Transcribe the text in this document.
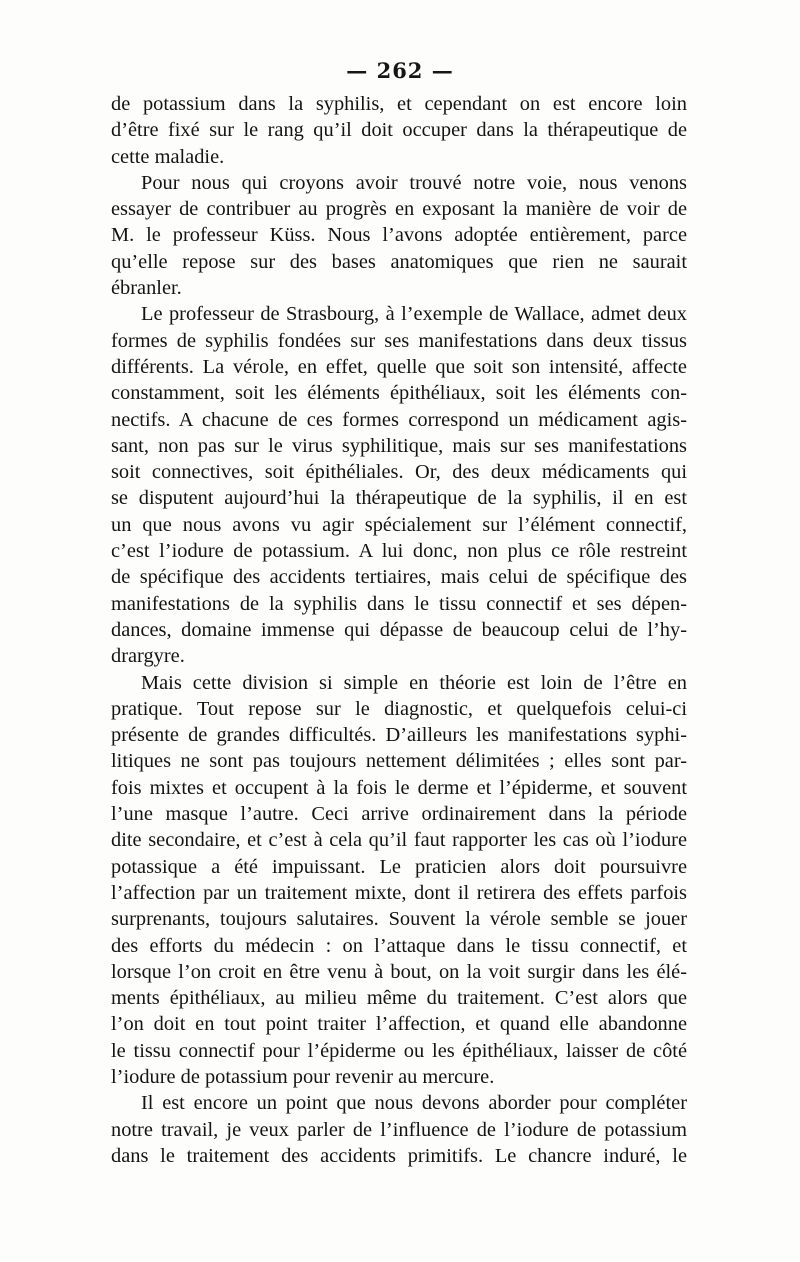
— 262 —
de potassium dans la syphilis, et cependant on est encore loin
d’être fixé sur le rang qu’il doit occuper dans la thérapeutique de
cette maladie.
Pour nous qui croyons avoir trouvé notre voie, nous venons
essayer de contribuer au progrès en exposant la manière de voir de
M. le professeur Küss. Nous l’avons adoptée entièrement, parce
qu’elle repose sur des bases anatomiques que rien ne saurait
ébranler.
Le professeur de Strasbourg, à l’exemple de Wallace, admet deux
formes de syphilis fondées sur ses manifestations dans deux tissus
différents. La vérole, en effet, quelle que soit son intensité, affecte
constamment, soit les éléments épithéliaux, soit les éléments con-
nectifs. A chacune de ces formes correspond un médicament agis-
sant, non pas sur le virus syphilitique, mais sur ses manifestations
soit connectives, soit épithéliales. Or, des deux médicaments qui
se disputent aujourd’hui la thérapeutique de la syphilis, il en est
un que nous avons vu agir spécialement sur l’élément connectif,
c’est l’iodure de potassium. A lui donc, non plus ce rôle restreint
de spécifique des accidents tertiaires, mais celui de spécifique des
manifestations de la syphilis dans le tissu connectif et ses dépen-
dances, domaine immense qui dépasse de beaucoup celui de l’hy-
drargyre.
Mais cette division si simple en théorie est loin de l’être en
pratique. Tout repose sur le diagnostic, et quelquefois celui-ci
présente de grandes difficultés. D’ailleurs les manifestations syphi-
litiques ne sont pas toujours nettement délimitées ; elles sont par-
fois mixtes et occupent à la fois le derme et l’épiderme, et souvent
l’une masque l’autre. Ceci arrive ordinairement dans la période
dite secondaire, et c’est à cela qu’il faut rapporter les cas où l’iodure
potassique a été impuissant. Le praticien alors doit poursuivre
l’affection par un traitement mixte, dont il retirera des effets parfois
surprenants, toujours salutaires. Souvent la vérole semble se jouer
des efforts du médecin : on l’attaque dans le tissu connectif, et
lorsque l’on croit en être venu à bout, on la voit surgir dans les élé-
ments épithéliaux, au milieu même du traitement. C’est alors que
l’on doit en tout point traiter l’affection, et quand elle abandonne
le tissu connectif pour l’épiderme ou les épithéliaux, laisser de côté
l’iodure de potassium pour revenir au mercure.
Il est encore un point que nous devons aborder pour compléter
notre travail, je veux parler de l’influence de l’iodure de potassium
dans le traitement des accidents primitifs. Le chancre induré, le
